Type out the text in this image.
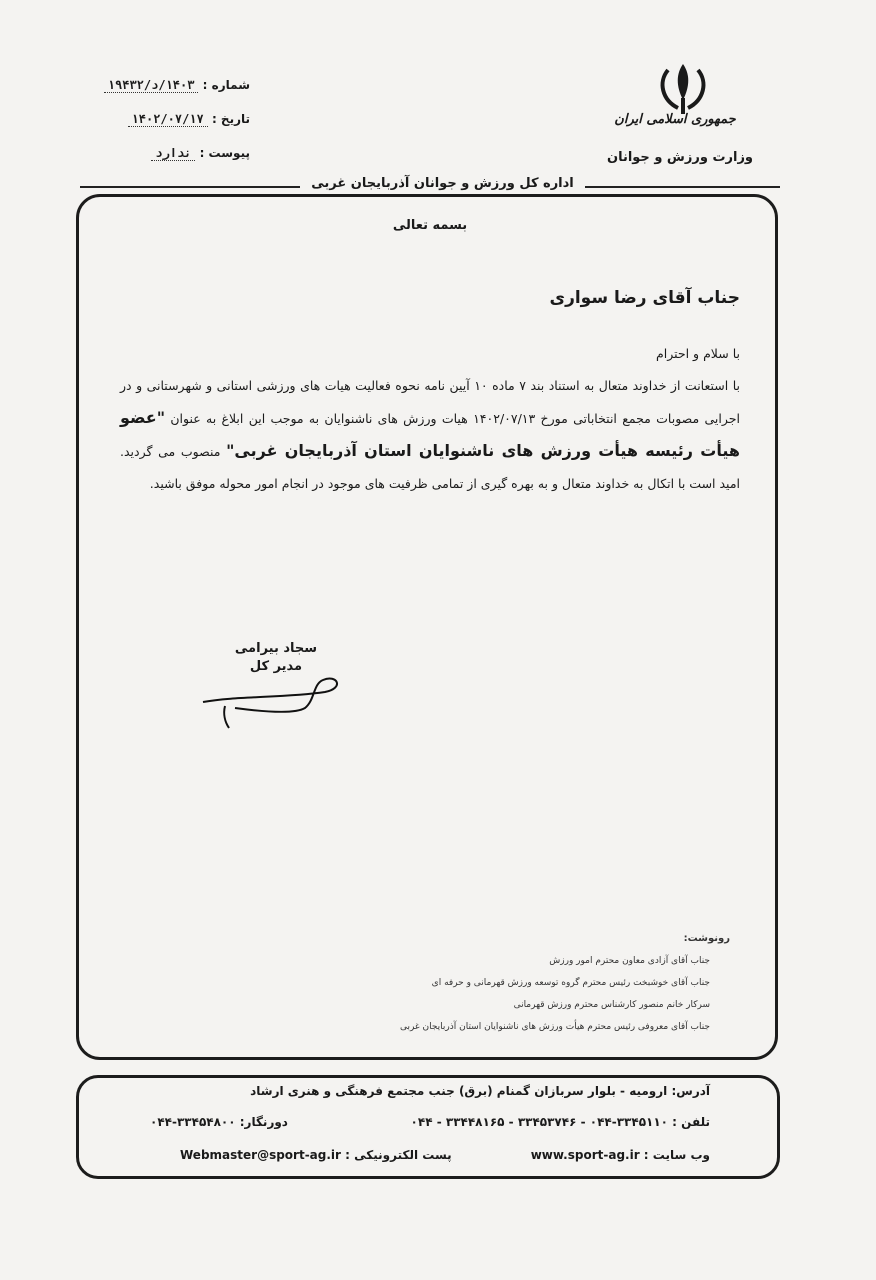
شماره : ۱۴۰۳/د/۱۹۴۳۲
تاریخ : ۱۴۰۲/۰۷/۱۷
پیوست : ندارد
جمهوری اسلامی ایران
وزارت ورزش و جوانان
اداره کل ورزش و جوانان آذربایجان غربی
بسمه تعالی
جناب آقای رضا سواری

با سلام و احترام

با استعانت از خداوند متعال به استناد بند ۷ ماده ۱۰ آیین نامه نحوه فعالیت هیات های ورزشی استانی و شهرستانی و در اجرایی مصوبات مجمع انتخاباتی مورخ ۱۴۰۲/۰۷/۱۳ هیات ورزش های ناشنوایان به موجب این ابلاغ به عنوان "عضو هیأت رئیسه هیأت ورزش های ناشنوایان استان آذربایجان غربی" منصوب می گردید. امید است با اتکال به خداوند متعال و به بهره گیری از تمامی ظرفیت های موجود در انجام امور محوله موفق باشید.

سجاد بیرامی
مدیر کل
رونوشت:
جناب آقای آزادی معاون محترم امور ورزش
جناب آقای خوشبخت رئیس محترم گروه توسعه ورزش قهرمانی و حرفه ای
سرکار خانم منصور کارشناس محترم ورزش قهرمانی
جناب آقای معروفی رئیس محترم هیأت ورزش های ناشنوایان استان آذربایجان غربی
آدرس: ارومیه - بلوار سربازان گمنام (برق) جنب مجتمع فرهنگی و هنری ارشاد
تلفن : ۳۳۴۵۱۱۰-۰۴۴ - ۳۳۴۵۳۷۴۶ - ۳۳۴۴۸۱۶۵ - ۰۴۴
دورنگار: ۳۳۴۵۴۸۰۰-۰۴۴
وب سایت : www.sport-ag.ir
پست الکترونیکی : Webmaster@sport-ag.ir
